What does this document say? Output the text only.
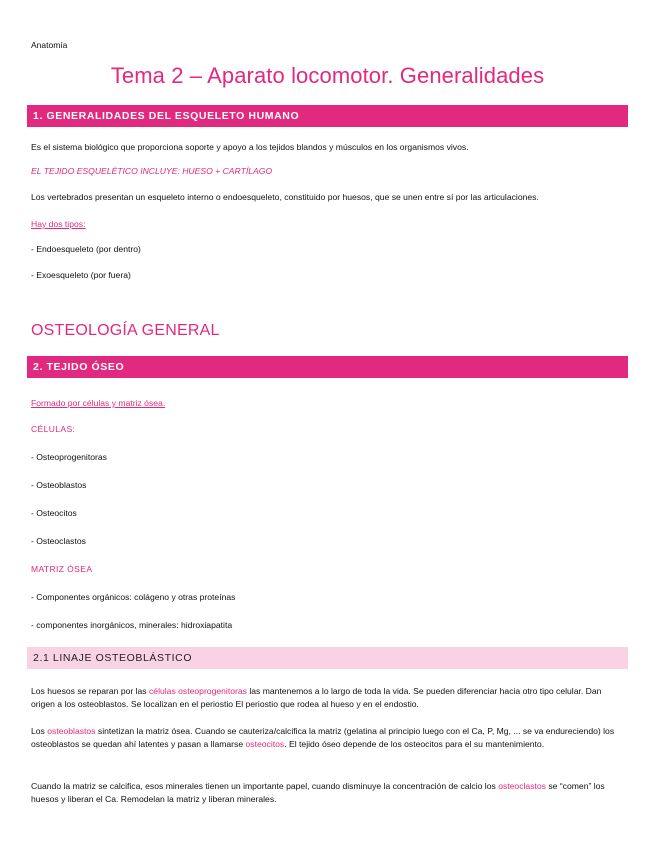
Anatomía
Tema 2 – Aparato locomotor. Generalidades
1. GENERALIDADES DEL ESQUELETO HUMANO
Es el sistema biológico que proporciona soporte y apoyo a los tejidos blandos y músculos en los organismos vivos.
EL TEJIDO ESQUELÉTICO INCLUYE: HUESO + CARTÍLAGO
Los vertebrados presentan un esqueleto interno o endoesqueleto, constituido por huesos, que se unen entre sí por las articulaciones.
Hay dos tipos:
- Endoesqueleto (por dentro)
- Exoesqueleto (por fuera)
OSTEOLOGÍA GENERAL
2. TEJIDO ÓSEO
Formado por células y matriz ósea.
CÉLULAS:
- Osteoprogenitoras
- Osteoblastos
- Osteocitos
- Osteoclastos
MATRIZ ÓSEA
- Componentes orgánicos: colágeno y otras proteínas
- componentes inorgánicos, minerales: hidroxiapatita
2.1 LINAJE OSTEOBLÁSTICO
Los huesos se reparan por las células osteoprogenitoras las mantenemos a lo largo de toda la vida. Se pueden diferenciar hacia otro tipo celular. Dan origen a los osteoblastos. Se localizan en el periostio El periostio que rodea al hueso y en el endostio.
Los osteoblastos sintetizan la matriz ósea. Cuando se cauteriza/calcifica la matriz (gelatina al principio luego con el Ca, P, Mg, ... se va endureciendo) los osteoblastos se quedan ahí latentes y pasan a llamarse osteocitos. El tejido óseo depende de los osteocitos para el su mantenimiento.
Cuando la matriz se calcifica, esos minerales tienen un importante papel, cuando disminuye la concentración de calcio los osteoclastos se “comen” los huesos y liberan el Ca. Remodelan la matriz y liberan minerales.
